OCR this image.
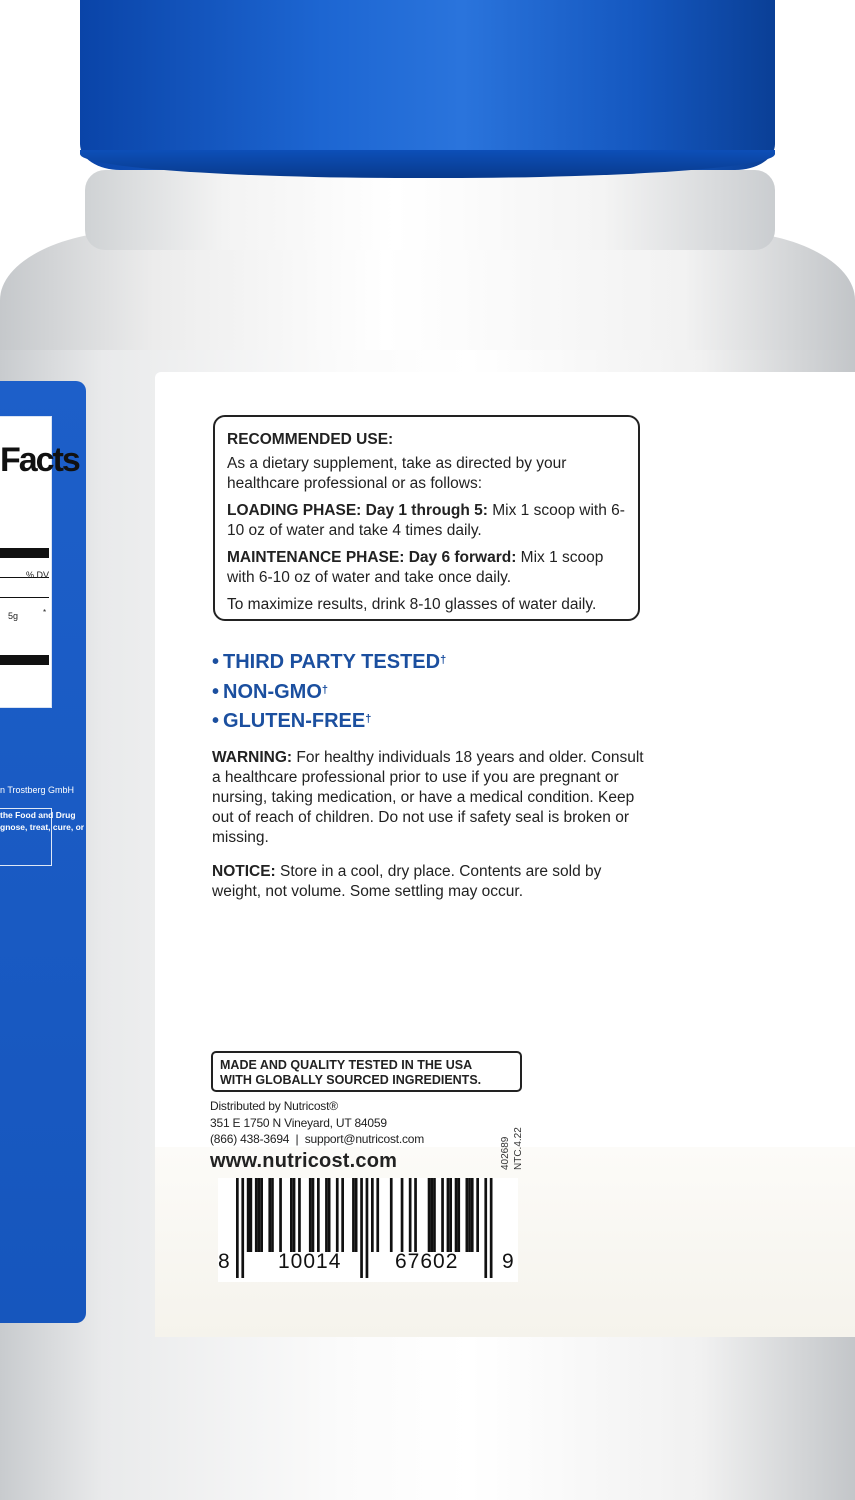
Facts
% DV
5g	*
n Trostberg GmbH
the Food and Drug
gnose, treat, cure, or
RECOMMENDED USE:

As a dietary supplement, take as directed by your healthcare professional or as follows:

LOADING PHASE: Day 1 through 5: Mix 1 scoop with 6-10 oz of water and take 4 times daily.

MAINTENANCE PHASE: Day 6 forward: Mix 1 scoop with 6-10 oz of water and take once daily.

To maximize results, drink 8-10 glasses of water daily.

• THIRD PARTY TESTED†
• NON-GMO†
• GLUTEN-FREE†
WARNING: For healthy individuals 18 years and older. Consult a healthcare professional prior to use if you are pregnant or nursing, taking medication, or have a medical condition. Keep out of reach of children. Do not use if safety seal is broken or missing.
NOTICE: Store in a cool, dry place. Contents are sold by weight, not volume. Some settling may occur.
MADE AND QUALITY TESTED IN THE USA
WITH GLOBALLY SOURCED INGREDIENTS.
Distributed by Nutricost®
351 E 1750 N Vineyard, UT 84059
(866) 438-3694  |  support@nutricost.com
www.nutricost.com	402689 NTC.4.22
8 10014	67602 9
